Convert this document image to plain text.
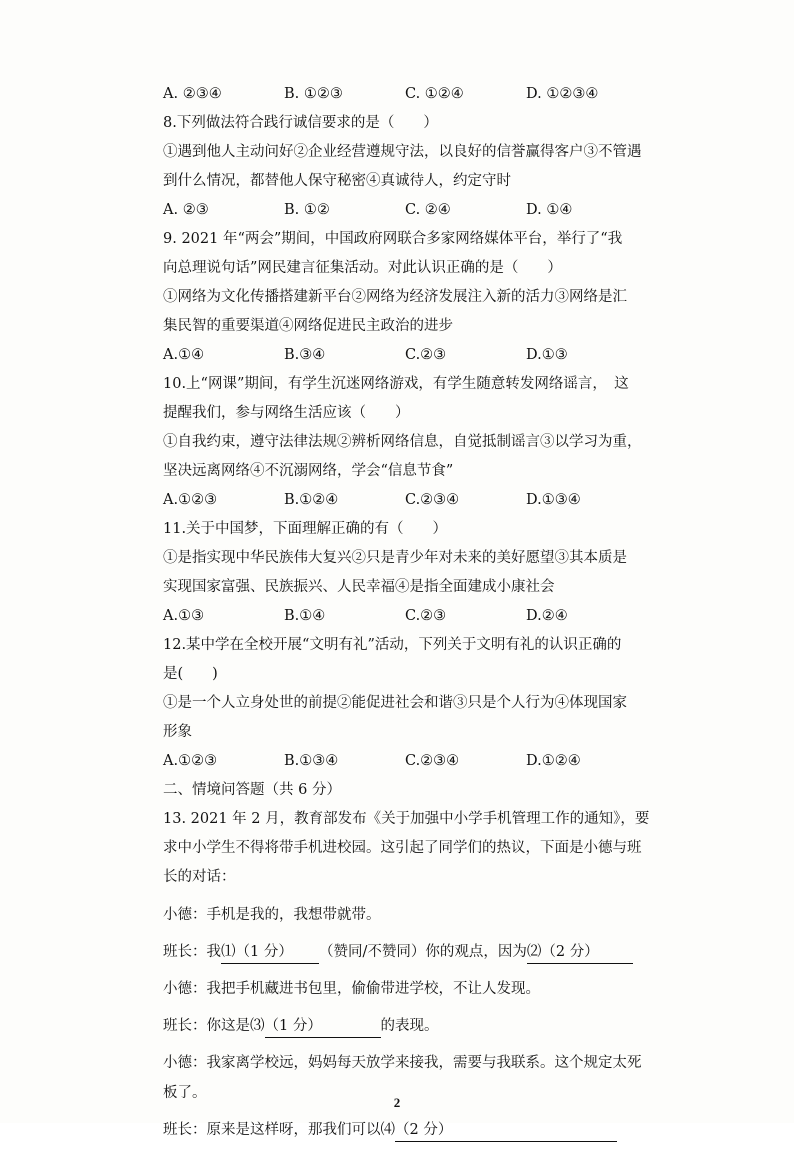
A. ②③④	B. ①②③	C. ①②④	D. ①②③④
8.下列做法符合践行诚信要求的是（　　）
①遇到他人主动问好②企业经营遵规守法，以良好的信誉赢得客户③不管遇
到什么情况，都替他人保守秘密④真诚待人，约定守时
A. ②③	B. ①②	C. ②④	D. ①④
9. 2021 年“两会”期间，中国政府网联合多家网络媒体平台，举行了“我
向总理说句话”网民建言征集活动。对此认识正确的是（　　）
①网络为文化传播搭建新平台②网络为经济发展注入新的活力③网络是汇
集民智的重要渠道④网络促进民主政治的进步
A.①④	B.③④	C.②③	D.①③
10.上“网课”期间，有学生沉迷网络游戏，有学生随意转发网络谣言，　这
提醒我们，参与网络生活应该（　　）
①自我约束，遵守法律法规②辨析网络信息，自觉抵制谣言③以学习为重，
坚决远离网络④不沉溺网络，学会“信息节食”
A.①②③	B.①②④	C.②③④	D.①③④
11.关于中国梦，下面理解正确的有（　　）
①是指实现中华民族伟大复兴②只是青少年对未来的美好愿望③其本质是
实现国家富强、民族振兴、人民幸福④是指全面建成小康社会
A.①③	B.①④	C.②③	D.②④
12.某中学在全校开展“文明有礼”活动，下列关于文明有礼的认识正确的
是(　　)
①是一个人立身处世的前提②能促进社会和谐③只是个人行为④体现国家
形象
A.①②③	B.①③④	C.②③④	D.①②④
二、情境问答题（共 6 分）
13. 2021 年 2 月，教育部发布《关于加强中小学手机管理工作的通知》，要
求中小学生不得将带手机进校园。这引起了同学们的热议，下面是小德与班
长的对话：
小德：手机是我的，我想带就带。
班长：我⑴（1 分） （赞同/不赞同）你的观点，因为⑵（2 分）
小德：我把手机藏进书包里，偷偷带进学校，不让人发现。
班长：你这是⑶（1 分）	的表现。
小德：我家离学校远，妈妈每天放学来接我，需要与我联系。这个规定太死
板了。
班长：原来是这样呀，那我们可以⑷（2 分）
2
